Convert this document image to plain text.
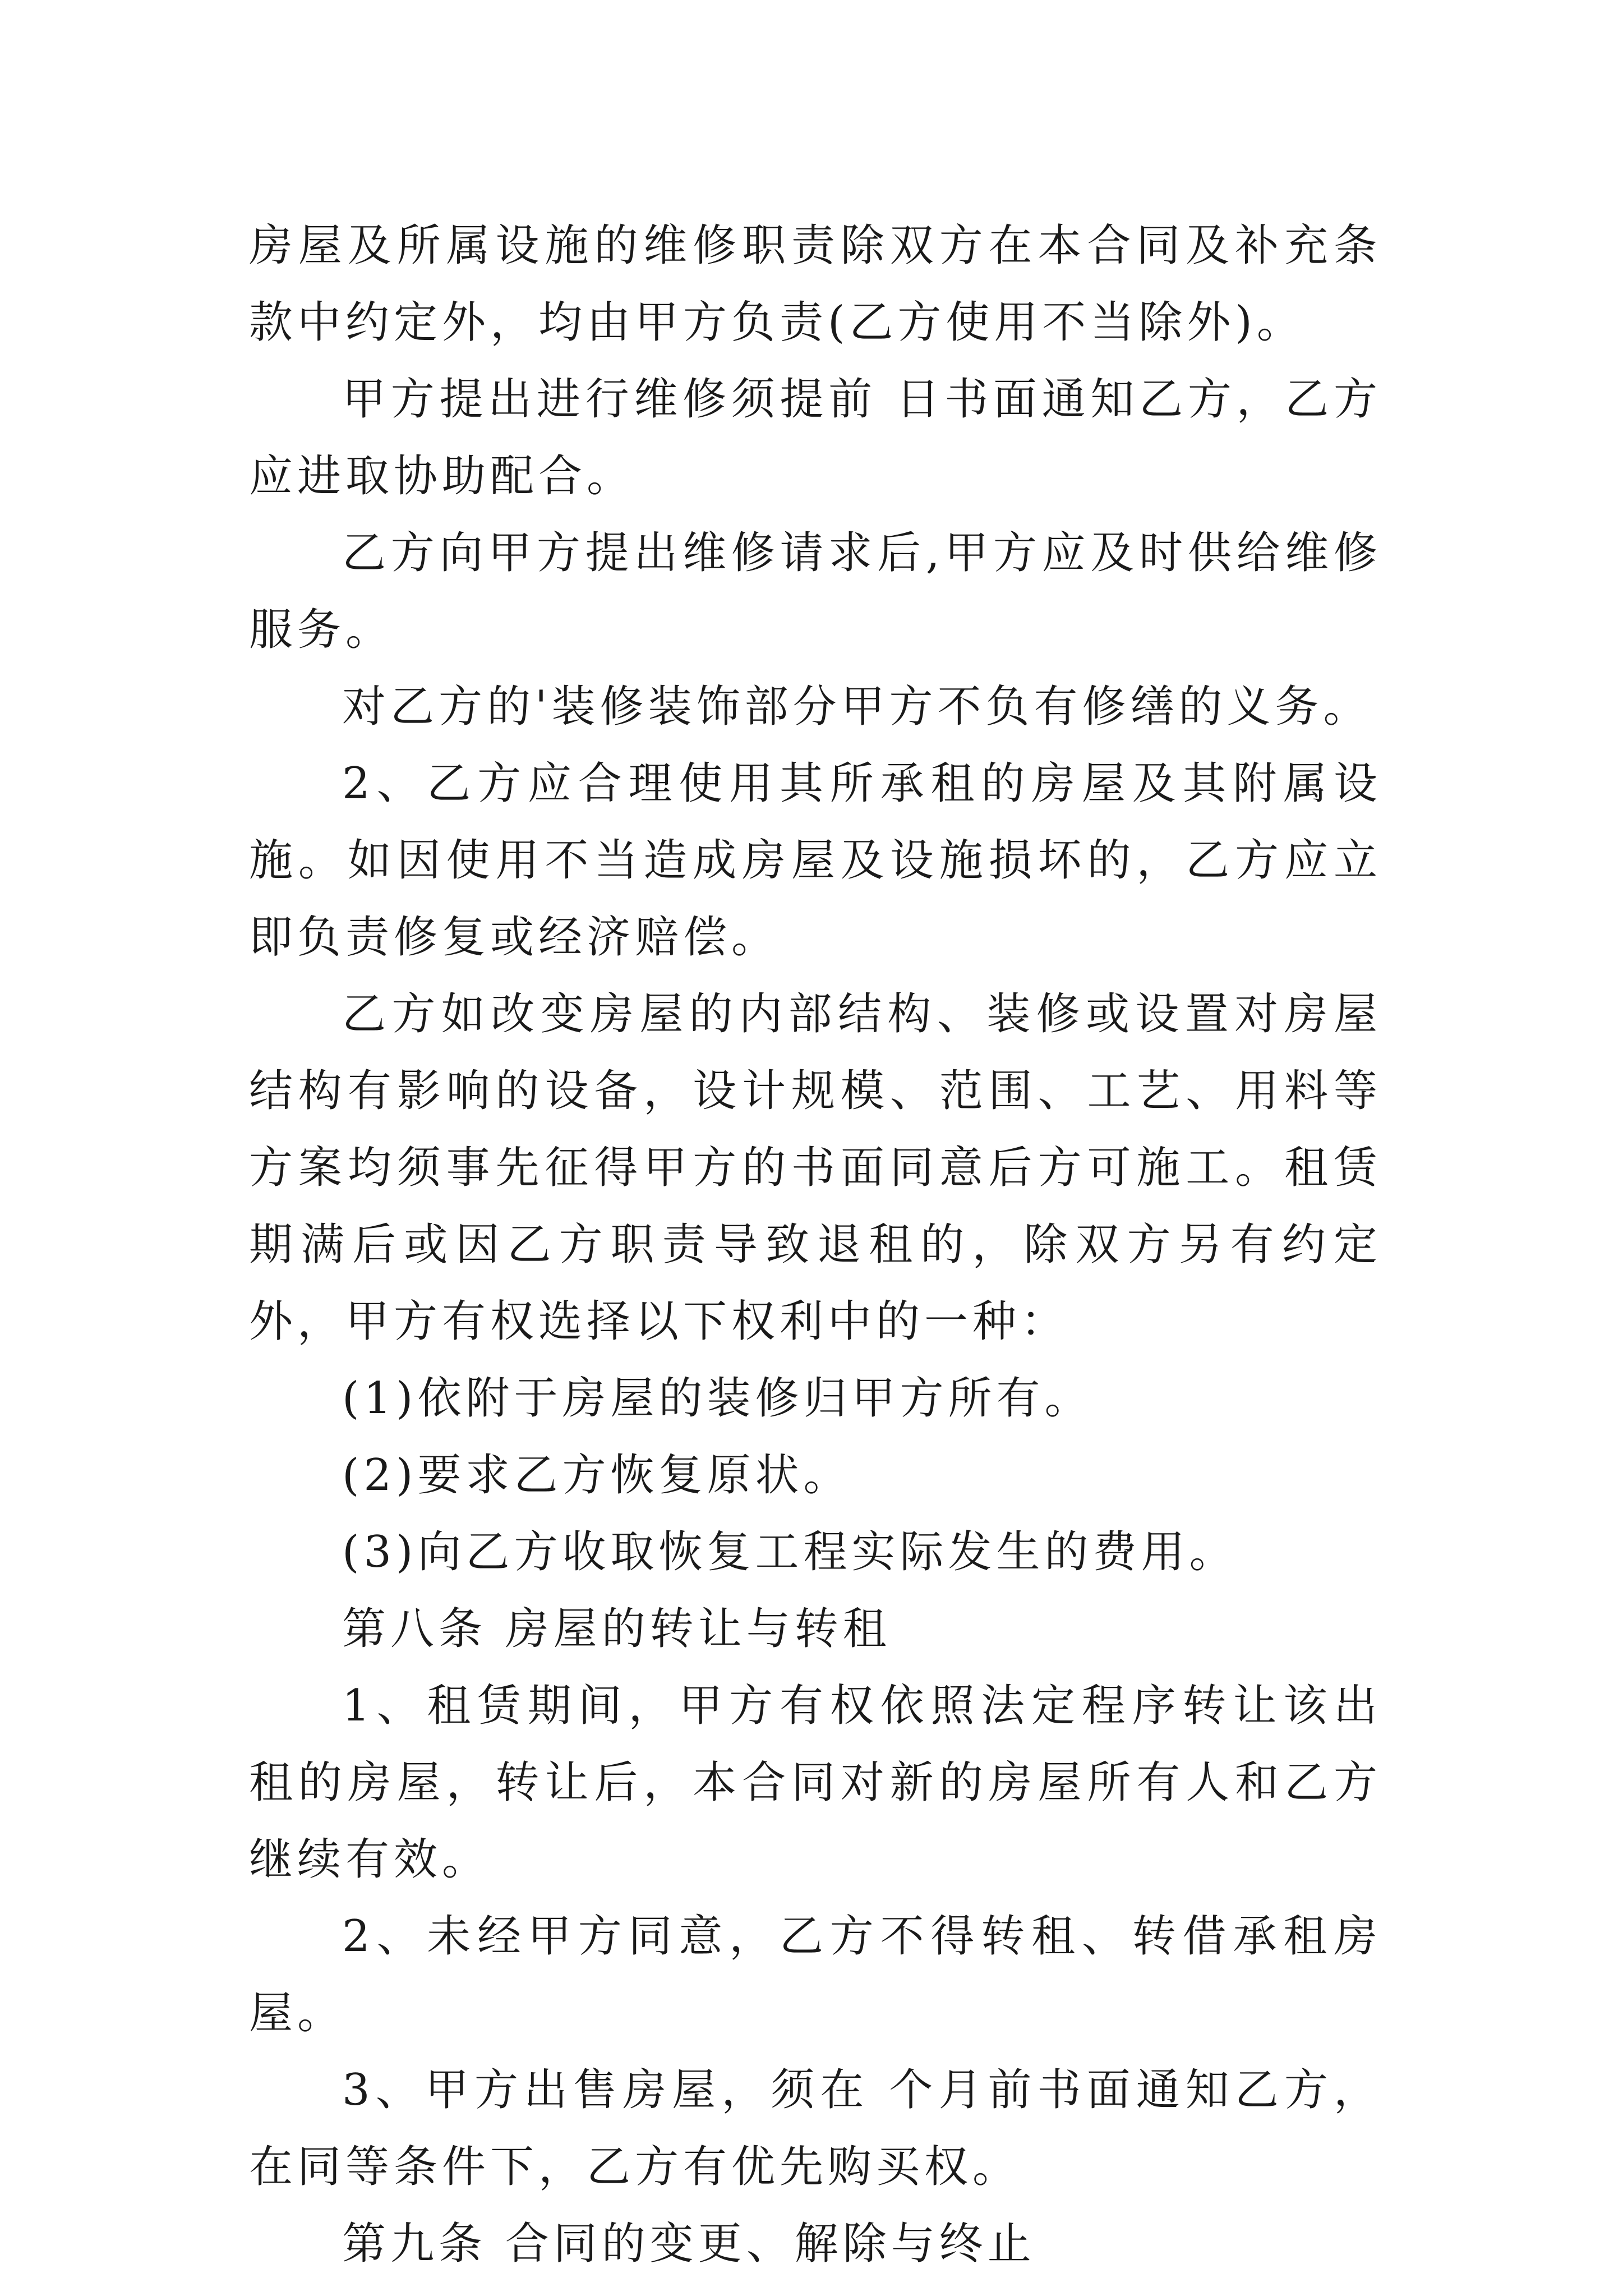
房屋及所属设施的维修职责除双方在本合同及补充条款中约定外，均由甲方负责(乙方使用不当除外)。

甲方提出进行维修须提前 日书面通知乙方，乙方应进取协助配合。

乙方向甲方提出维修请求后,甲方应及时供给维修服务。

对乙方的'装修装饰部分甲方不负有修缮的义务。

2、乙方应合理使用其所承租的房屋及其附属设施。如因使用不当造成房屋及设施损坏的，乙方应立即负责修复或经济赔偿。

乙方如改变房屋的内部结构、装修或设置对房屋结构有影响的设备，设计规模、范围、工艺、用料等方案均须事先征得甲方的书面同意后方可施工。租赁期满后或因乙方职责导致退租的，除双方另有约定外，甲方有权选择以下权利中的一种：

(1)依附于房屋的装修归甲方所有。

(2)要求乙方恢复原状。

(3)向乙方收取恢复工程实际发生的费用。

第八条 房屋的转让与转租

1、租赁期间，甲方有权依照法定程序转让该出租的房屋，转让后，本合同对新的房屋所有人和乙方继续有效。

2、未经甲方同意，乙方不得转租、转借承租房屋。

3、甲方出售房屋，须在 个月前书面通知乙方，在同等条件下，乙方有优先购买权。

第九条 合同的变更、解除与终止
